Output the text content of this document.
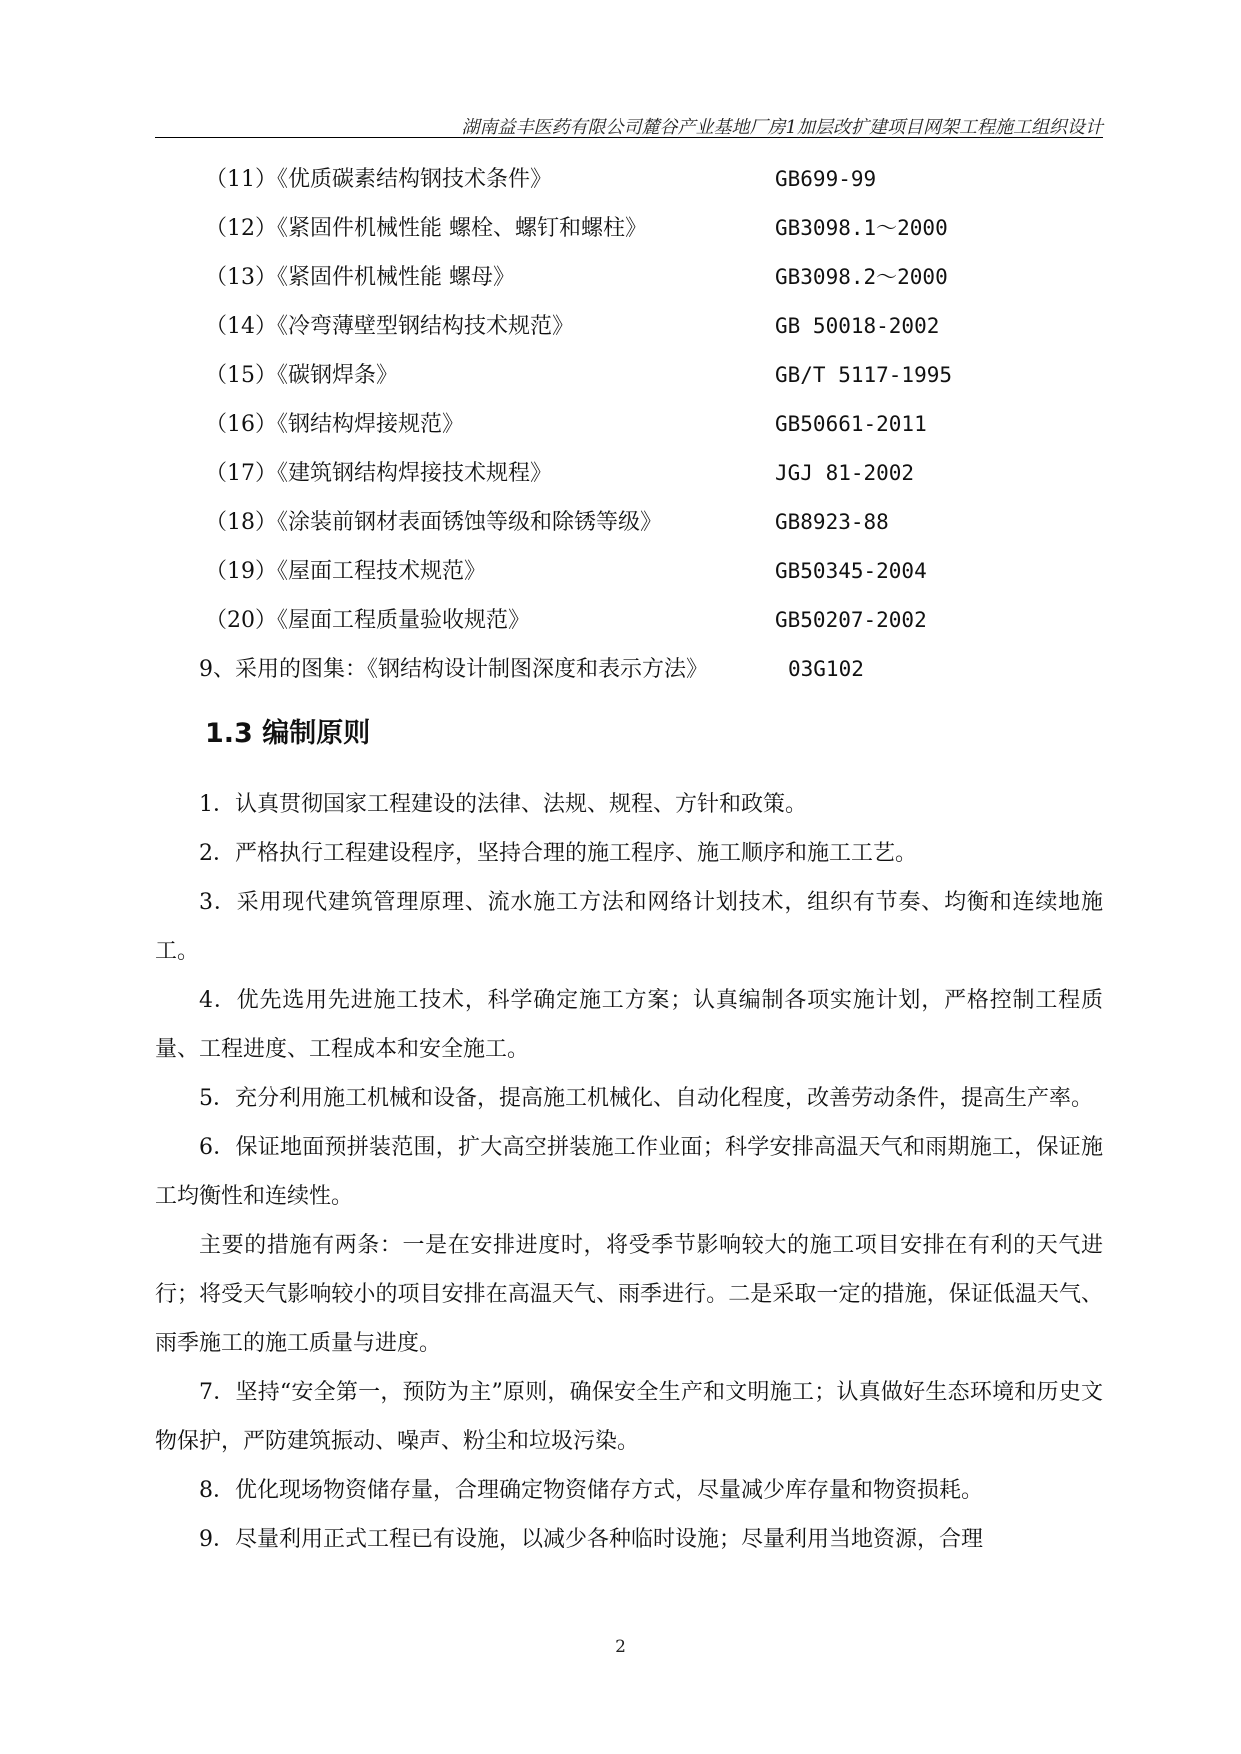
湖南益丰医药有限公司麓谷产业基地厂房1加层改扩建项目网架工程施工组织设计

（11）《优质碳素结构钢技术条件》	GB699-99
（12）《紧固件机械性能 螺栓、螺钉和螺柱》	GB3098.1～2000
（13）《紧固件机械性能 螺母》	GB3098.2～2000
（14）《冷弯薄壁型钢结构技术规范》	GB 50018-2002
（15）《碳钢焊条》	GB/T 5117-1995
（16）《钢结构焊接规范》	GB50661-2011
（17）《建筑钢结构焊接技术规程》	JGJ 81-2002
（18）《涂装前钢材表面锈蚀等级和除锈等级》	GB8923-88
（19）《屋面工程技术规范》	GB50345-2004
（20）《屋面工程质量验收规范》	GB50207-2002
9、采用的图集：《钢结构设计制图深度和表示方法》	03G102
1.3 编制原则

1．认真贯彻国家工程建设的法律、法规、规程、方针和政策。

2．严格执行工程建设程序，坚持合理的施工程序、施工顺序和施工工艺。

3．采用现代建筑管理原理、流水施工方法和网络计划技术，组织有节奏、均衡和连续地施工。

4．优先选用先进施工技术，科学确定施工方案；认真编制各项实施计划，严格控制工程质量、工程进度、工程成本和安全施工。

5．充分利用施工机械和设备，提高施工机械化、自动化程度，改善劳动条件，提高生产率。

6．保证地面预拼装范围，扩大高空拼装施工作业面；科学安排高温天气和雨期施工，保证施工均衡性和连续性。

主要的措施有两条：一是在安排进度时，将受季节影响较大的施工项目安排在有利的天气进行；将受天气影响较小的项目安排在高温天气、雨季进行。二是采取一定的措施，保证低温天气、雨季施工的施工质量与进度。

7．坚持“安全第一，预防为主”原则，确保安全生产和文明施工；认真做好生态环境和历史文物保护，严防建筑振动、噪声、粉尘和垃圾污染。

8．优化现场物资储存量，合理确定物资储存方式，尽量减少库存量和物资损耗。

9．尽量利用正式工程已有设施，以减少各种临时设施；尽量利用当地资源，合理

2
